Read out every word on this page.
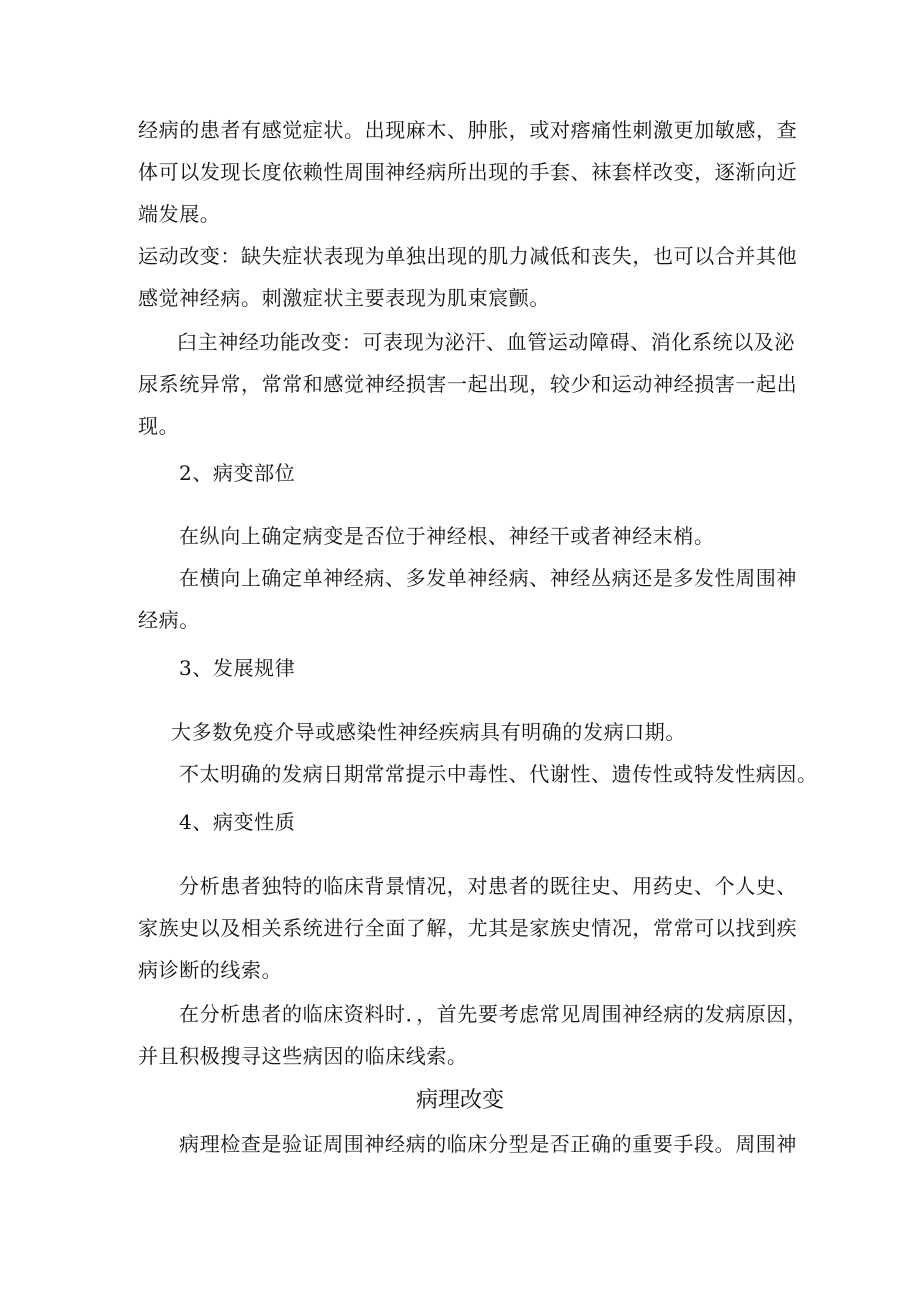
经病的患者有感觉症状。出现麻木、肿胀，或对瘩痛性刺激更加敏感，查
体可以发现长度依赖性周围神经病所出现的手套、袜套样改变，逐渐向近
端发展。
运动改变：缺失症状表现为单独出现的肌力减低和丧失，也可以合并其他
感觉神经病。刺激症状主要表现为肌束宸颤。
臼主神经功能改变：可表现为泌汗、血管运动障碍、消化系统以及泌
尿系统异常，常常和感觉神经损害一起出现，较少和运动神经损害一起出
现。
2、病变部位
在纵向上确定病变是否位于神经根、神经干或者神经末梢。
在横向上确定单神经病、多发单神经病、神经丛病还是多发性周围神
经病。
3、发展规律
大多数免疫介导或感染性神经疾病具有明确的发病口期。
不太明确的发病日期常常提示中毒性、代谢性、遗传性或特发性病因。
4、病变性质
分析患者独特的临床背景情况，对患者的既往史、用药史、个人史、
家族史以及相关系统进行全面了解，尤其是家族史情况，常常可以找到疾
病诊断的线索。
在分析患者的临床资料时．，首先要考虑常见周围神经病的发病原因，
并且积极搜寻这些病因的临床线索。
病理改变
病理检查是验证周围神经病的临床分型是否正确的重要手段。周围神
